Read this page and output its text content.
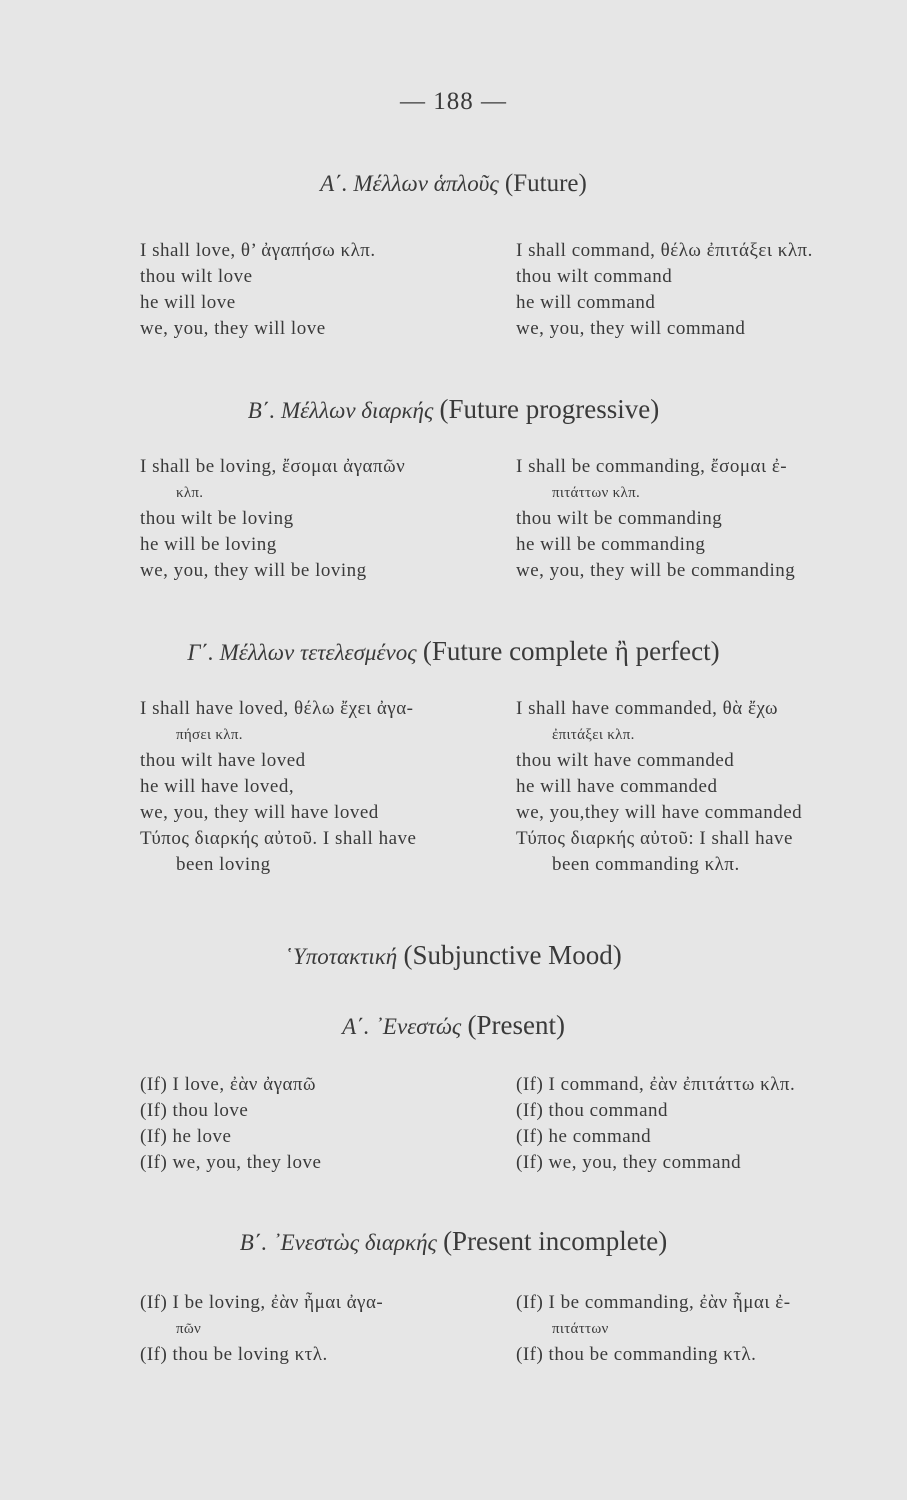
— 188 —
Α΄. Μέλλων ἁπλοῦς (Future)
I shall love, θ’ ἀγαπήσω κλπ.
thou wilt love
he will love
we, you, they will love
I shall command, θέλω ἐπιτάξει κλπ.
thou wilt command
he will command
we, you, they will command
Β΄. Μέλλων διαρκής (Future progressive)
I shall be loving, ἔσομαι ἀγαπῶν
κλπ.
thou wilt be loving
he will be loving
we, you, they will be loving
I shall be commanding, ἔσομαι ἐ-
πιτάττων κλπ.
thou wilt be commanding
he will be commanding
we, you, they will be commanding
Γ΄. Μέλλων τετελεσμένος (Future complete ἢ perfect)
I shall have loved, θέλω ἔχει ἀγα-
πήσει κλπ.
thou wilt have loved
he will have loved,
we, you, they will have loved
Τύπος διαρκής αὐτοῦ. I shall have
been loving
I shall have commanded, θὰ ἔχω
ἐπιτάξει κλπ.
thou wilt have commanded
he will have commanded
we, you,they will have commanded
Τύπος διαρκής αὐτοῦ: I shall have
been commanding κλπ.
῾Υποτακτική (Subjunctive Mood)
Α΄. ᾿Ενεστώς (Present)
(If) I love, ἐὰν ἀγαπῶ
(If) thou love
(If) he love
(If) we, you, they love
(If) I command, ἐὰν ἐπιτάττω κλπ.
(If) thou command
(If) he command
(If) we, you, they command
Β΄. ᾿Ενεστὼς διαρκής (Present incomplete)
(If) I be loving, ἐὰν ἦμαι ἀγα-
πῶν
(If) thou be loving κτλ.
(If) I be commanding, ἐὰν ἦμαι ἐ-
πιτάττων
(If) thou be commanding κτλ.
